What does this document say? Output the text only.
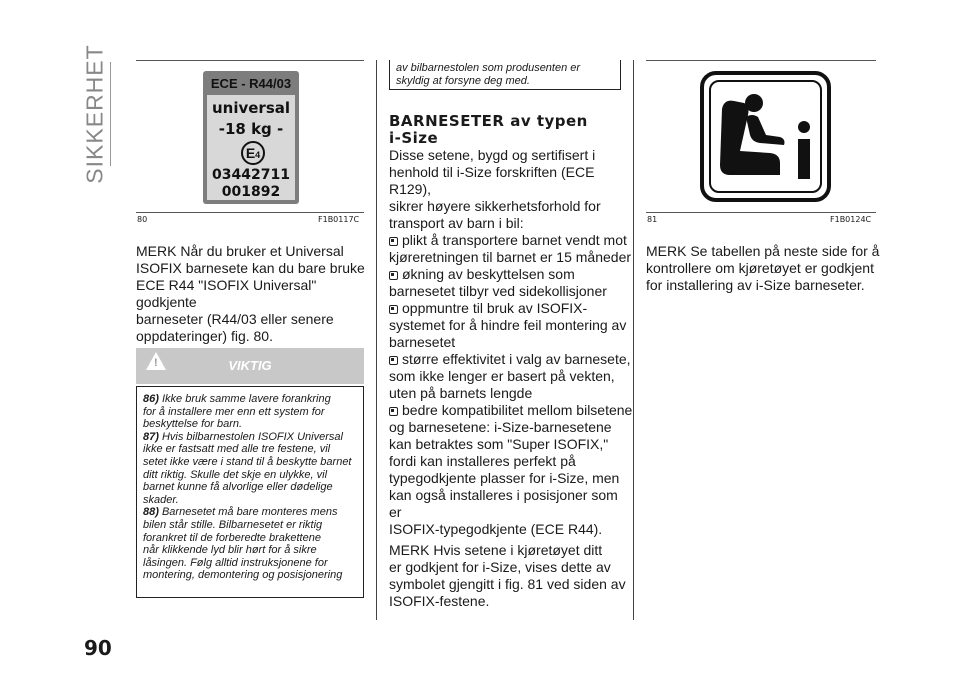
SIKKERHET	ECE - R44/03
universal
-18 kg -
E4
03442711
001892
80	F1B0117C
MERK Når du bruker et Universal
ISOFIX barnesete kan du bare bruke
ECE R44 "ISOFIX Universal" godkjente
barneseter (R44/03 eller senere
oppdateringer) fig. 80.
VIKTIG
!
86) Ikke bruk samme lavere forankring
for å installere mer enn ett system for
beskyttelse for barn.
87) Hvis bilbarnestolen ISOFIX Universal
ikke er fastsatt med alle tre festene, vil
setet ikke være i stand til å beskytte barnet
ditt riktig. Skulle det skje en ulykke, vil
barnet kunne få alvorlige eller dødelige
skader.
88) Barnesetet må bare monteres mens
bilen står stille. Bilbarnesetet er riktig
forankret til de forberedte brakettene
når klikkende lyd blir hørt for å sikre
låsingen. Følg alltid instruksjonene for
montering, demontering og posisjonering
90
av bilbarnestolen som produsenten er
skyldig at forsyne deg med.
BARNESETER av typen
i-Size
Disse setene, bygd og sertifisert i
henhold til i-Size forskriften (ECE R129),
sikrer høyere sikkerhetsforhold for
transport av barn i bil:
plikt å transportere barnet vendt mot
kjøreretningen til barnet er 15 måneder
økning av beskyttelsen som
barnesetet tilbyr ved sidekollisjoner
oppmuntre til bruk av ISOFIX-
systemet for å hindre feil montering av
barnesetet
større effektivitet i valg av barnesete,
som ikke lenger er basert på vekten,
uten på barnets lengde
bedre kompatibilitet mellom bilsetene
og barnesetene: i-Size-barnesetene
kan betraktes som "Super ISOFIX,"
fordi kan installeres perfekt på
typegodkjente plasser for i-Size, men
kan også installeres i posisjoner som er
ISOFIX-typegodkjente (ECE R44).
MERK Hvis setene i kjøretøyet ditt
er godkjent for i-Size, vises dette av
symbolet gjengitt i fig. 81 ved siden av
ISOFIX-festene.
81	F1B0124C
MERK Se tabellen på neste side for å
kontrollere om kjøretøyet er godkjent
for installering av i-Size barneseter.
